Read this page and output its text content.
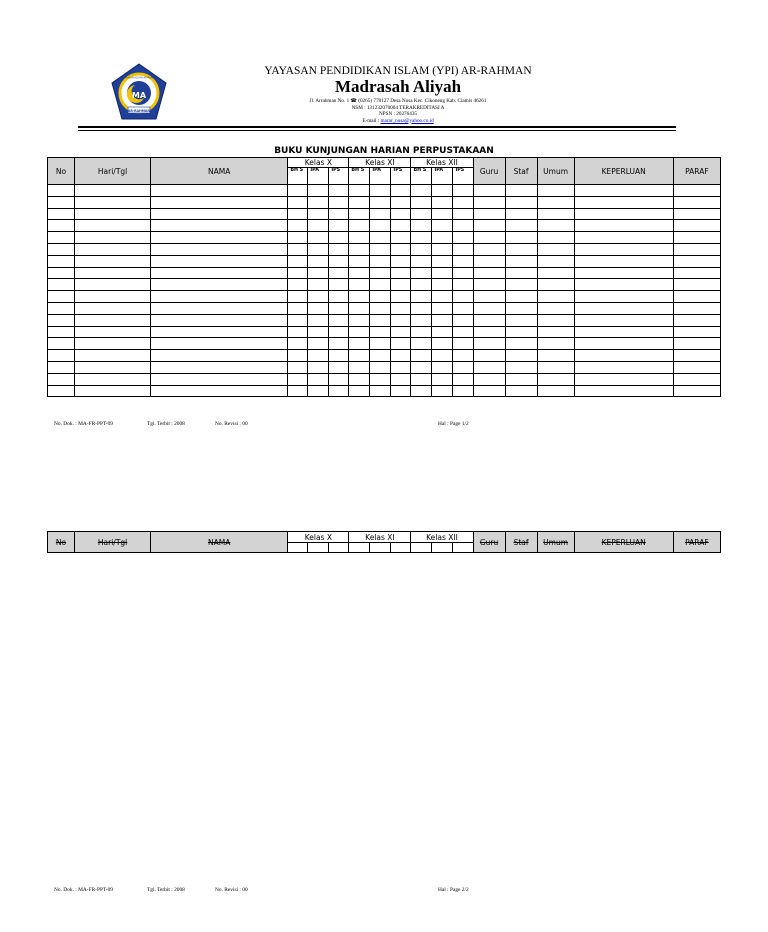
MA
AR-RAHMAN
MADRASAH ALIYAH AR-RAHMAN
YAYASAN PENDIDIKAN ISLAM (YPI) AR-RAHMAN
Madrasah Aliyah
Jl. Arrahman No. 1 ☎ (0265) 778127 Desa Nusa Kec. Cikoneng Kab. Ciamis 46261
NSM : 131232070004 TERAKREDITASI A
NPSN : 20276435
E-mail : marar_nusa@yahoo.co.id
BUKU KUNJUNGAN HARIAN PERPUSTAKAAN
No	Hari/Tgl	NAMA	Kelas X			Kelas XI			Kelas XII			Guru	Staf	Umum	KEPERLUAN	PARAF
			BH S	IPA	IPS	BH S	IPA	IPS	BH S	IPA	IPS					

No. Dok. : MA-FR-PPT-09	Tgl. Terbit : 2008	No. Revisi : 00	Hal : Page 1/2
No	Hari/Tgl	NAMA	Kelas X			Kelas XI			Kelas XII			Guru	Staf	Umum	KEPERLUAN	PARAF

No. Dok. : MA-FR-PPT-09	Tgl. Terbit : 2008	No. Revisi : 00	Hal : Page 2/2
